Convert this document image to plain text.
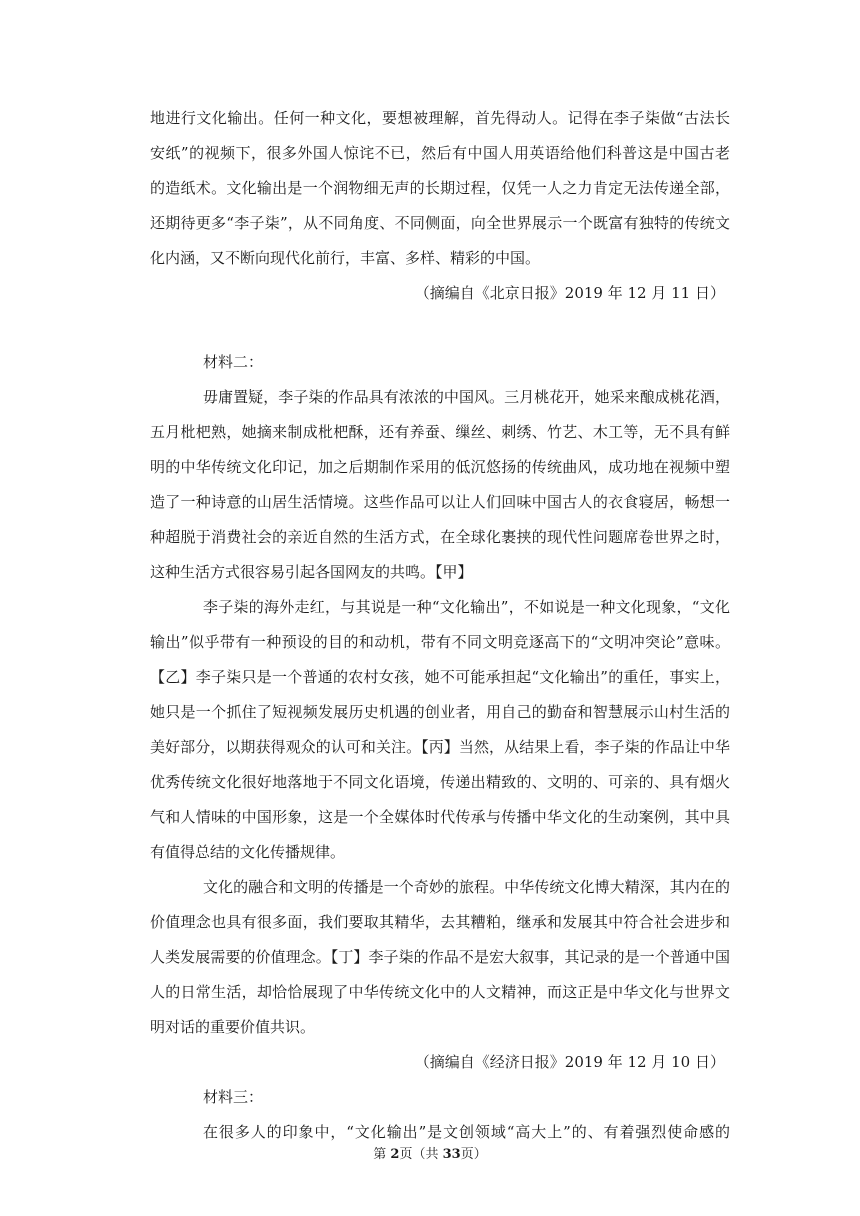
地进行文化输出。任何一种文化，要想被理解，首先得动人。记得在李子柒做“古法长
安纸”的视频下，很多外国人惊诧不已，然后有中国人用英语给他们科普这是中国古老
的造纸术。文化输出是一个润物细无声的长期过程，仅凭一人之力肯定无法传递全部，
还期待更多“李子柒”，从不同角度、不同侧面，向全世界展示一个既富有独特的传统文
化内涵，又不断向现代化前行，丰富、多样、精彩的中国。
（摘编自《北京日报》2019 年 12 月 11 日）
材料二：
毋庸置疑，李子柒的作品具有浓浓的中国风。三月桃花开，她采来酿成桃花酒，
五月枇杷熟，她摘来制成枇杷酥，还有养蚕、缫丝、刺绣、竹艺、木工等，无不具有鲜
明的中华传统文化印记，加之后期制作采用的低沉悠扬的传统曲风，成功地在视频中塑
造了一种诗意的山居生活情境。这些作品可以让人们回味中国古人的衣食寝居，畅想一
种超脱于消费社会的亲近自然的生活方式，在全球化裹挟的现代性问题席卷世界之时，
这种生活方式很容易引起各国网友的共鸣。【甲】
李子柒的海外走红，与其说是一种“文化输出”，不如说是一种文化现象，“文化
输出”似乎带有一种预设的目的和动机，带有不同文明竞逐高下的“文明冲突论”意味。
【乙】李子柒只是一个普通的农村女孩，她不可能承担起“文化输出”的重任，事实上，
她只是一个抓住了短视频发展历史机遇的创业者，用自己的勤奋和智慧展示山村生活的
美好部分，以期获得观众的认可和关注。【丙】当然，从结果上看，李子柒的作品让中华
优秀传统文化很好地落地于不同文化语境，传递出精致的、文明的、可亲的、具有烟火
气和人情味的中国形象，这是一个全媒体时代传承与传播中华文化的生动案例，其中具
有值得总结的文化传播规律。
文化的融合和文明的传播是一个奇妙的旅程。中华传统文化博大精深，其内在的
价值理念也具有很多面，我们要取其精华，去其糟粕，继承和发展其中符合社会进步和
人类发展需要的价值理念。【丁】李子柒的作品不是宏大叙事，其记录的是一个普通中国
人的日常生活，却恰恰展现了中华传统文化中的人文精神，而这正是中华文化与世界文
明对话的重要价值共识。
（摘编自《经济日报》2019 年 12 月 10 日）
材料三：
在很多人的印象中，“文化输出”是文创领域“高大上”的、有着强烈使命感的
第 2页（共 33页）
